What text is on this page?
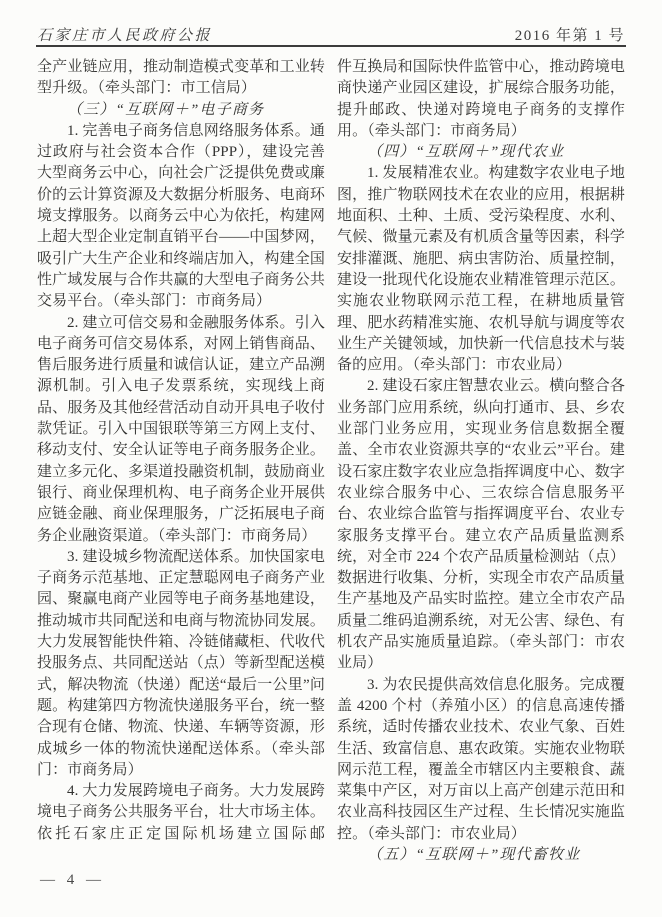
石家庄市人民政府公报	2016 年第 1 号

全产业链应用，推动制造模式变革和工业转型升级。（牵头部门：市工信局）

（三）“互联网＋”电子商务

1. 完善电子商务信息网络服务体系。通过政府与社会资本合作（PPP），建设完善大型商务云中心，向社会广泛提供免费或廉价的云计算资源及大数据分析服务、电商环境支撑服务。以商务云中心为依托，构建网上超大型企业定制直销平台——中国梦网，吸引广大生产企业和终端店加入，构建全国性广域发展与合作共赢的大型电子商务公共交易平台。（牵头部门：市商务局）

2. 建立可信交易和金融服务体系。引入电子商务可信交易体系，对网上销售商品、售后服务进行质量和诚信认证，建立产品溯源机制。引入电子发票系统，实现线上商品、服务及其他经营活动自动开具电子收付款凭证。引入中国银联等第三方网上支付、移动支付、安全认证等电子商务服务企业。建立多元化、多渠道投融资机制，鼓励商业银行、商业保理机构、电子商务企业开展供应链金融、商业保理服务，广泛拓展电子商务企业融资渠道。（牵头部门：市商务局）

3. 建设城乡物流配送体系。加快国家电子商务示范基地、正定慧聪网电子商务产业园、聚赢电商产业园等电子商务基地建设，推动城市共同配送和电商与物流协同发展。大力发展智能快件箱、冷链储藏柜、代收代投服务点、共同配送站（点）等新型配送模式，解决物流（快递）配送“最后一公里”问题。构建第四方物流快递服务平台，统一整合现有仓储、物流、快递、车辆等资源，形成城乡一体的物流快递配送体系。（牵头部门：市商务局）

4. 大力发展跨境电子商务。大力发展跨境电子商务公共服务平台，壮大市场主体。依托石家庄正定国际机场建立国际邮

件互换局和国际快件监管中心，推动跨境电商快递产业园区建设，扩展综合服务功能，提升邮政、快递对跨境电子商务的支撑作用。（牵头部门：市商务局）

（四）“互联网＋”现代农业

1. 发展精准农业。构建数字农业电子地图，推广物联网技术在农业的应用，根据耕地面积、土种、土质、受污染程度、水利、气候、微量元素及有机质含量等因素，科学安排灌溉、施肥、病虫害防治、质量控制，建设一批现代化设施农业精准管理示范区。实施农业物联网示范工程，在耕地质量管理、肥水药精准实施、农机导航与调度等农业生产关键领域，加快新一代信息技术与装备的应用。（牵头部门：市农业局）

2. 建设石家庄智慧农业云。横向整合各业务部门应用系统，纵向打通市、县、乡农业部门业务应用，实现业务信息数据全覆盖、全市农业资源共享的“农业云”平台。建设石家庄数字农业应急指挥调度中心、数字农业综合服务中心、三农综合信息服务平台、农业综合监管与指挥调度平台、农业专家服务支撑平台。建立农产品质量监测系统，对全市 224 个农产品质量检测站（点）数据进行收集、分析，实现全市农产品质量生产基地及产品实时监控。建立全市农产品质量二维码追溯系统，对无公害、绿色、有机农产品实施质量追踪。（牵头部门：市农业局）

3. 为农民提供高效信息化服务。完成覆盖 4200 个村（养殖小区）的信息高速传播系统，适时传播农业技术、农业气象、百姓生活、致富信息、惠农政策。实施农业物联网示范工程，覆盖全市辖区内主要粮食、蔬菜集中产区，对万亩以上高产创建示范田和农业高科技园区生产过程、生长情况实施监控。（牵头部门：市农业局）

（五）“互联网＋”现代畜牧业

— 4 —
